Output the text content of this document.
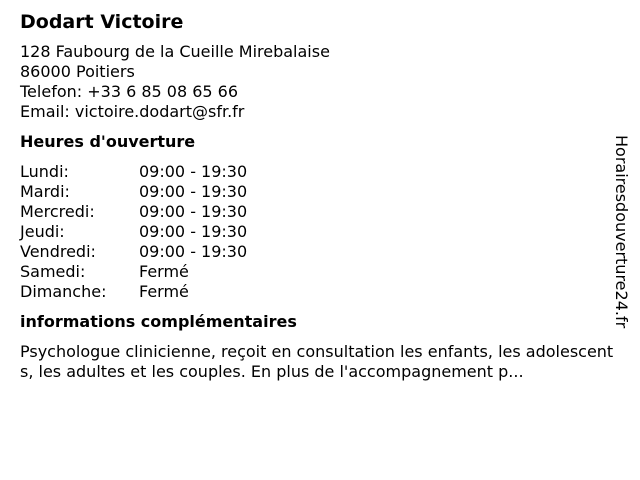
Dodart Victoire
128 Faubourg de la Cueille Mirebalaise
86000 Poitiers
Telefon: +33 6 85 08 65 66
Email: victoire.dodart@sfr.fr
Heures d'ouverture
Lundi:	09:00 - 19:30
Mardi:	09:00 - 19:30
Mercredi:	09:00 - 19:30
Jeudi:	09:00 - 19:30
Vendredi:	09:00 - 19:30
Samedi:	Fermé
Dimanche:	Fermé
informations complémentaires
Psychologue clinicienne, reçoit en consultation les enfants, les adolescents, les adultes et les couples. En plus de l'accompagnement p...
Horairesdouverture24.fr
